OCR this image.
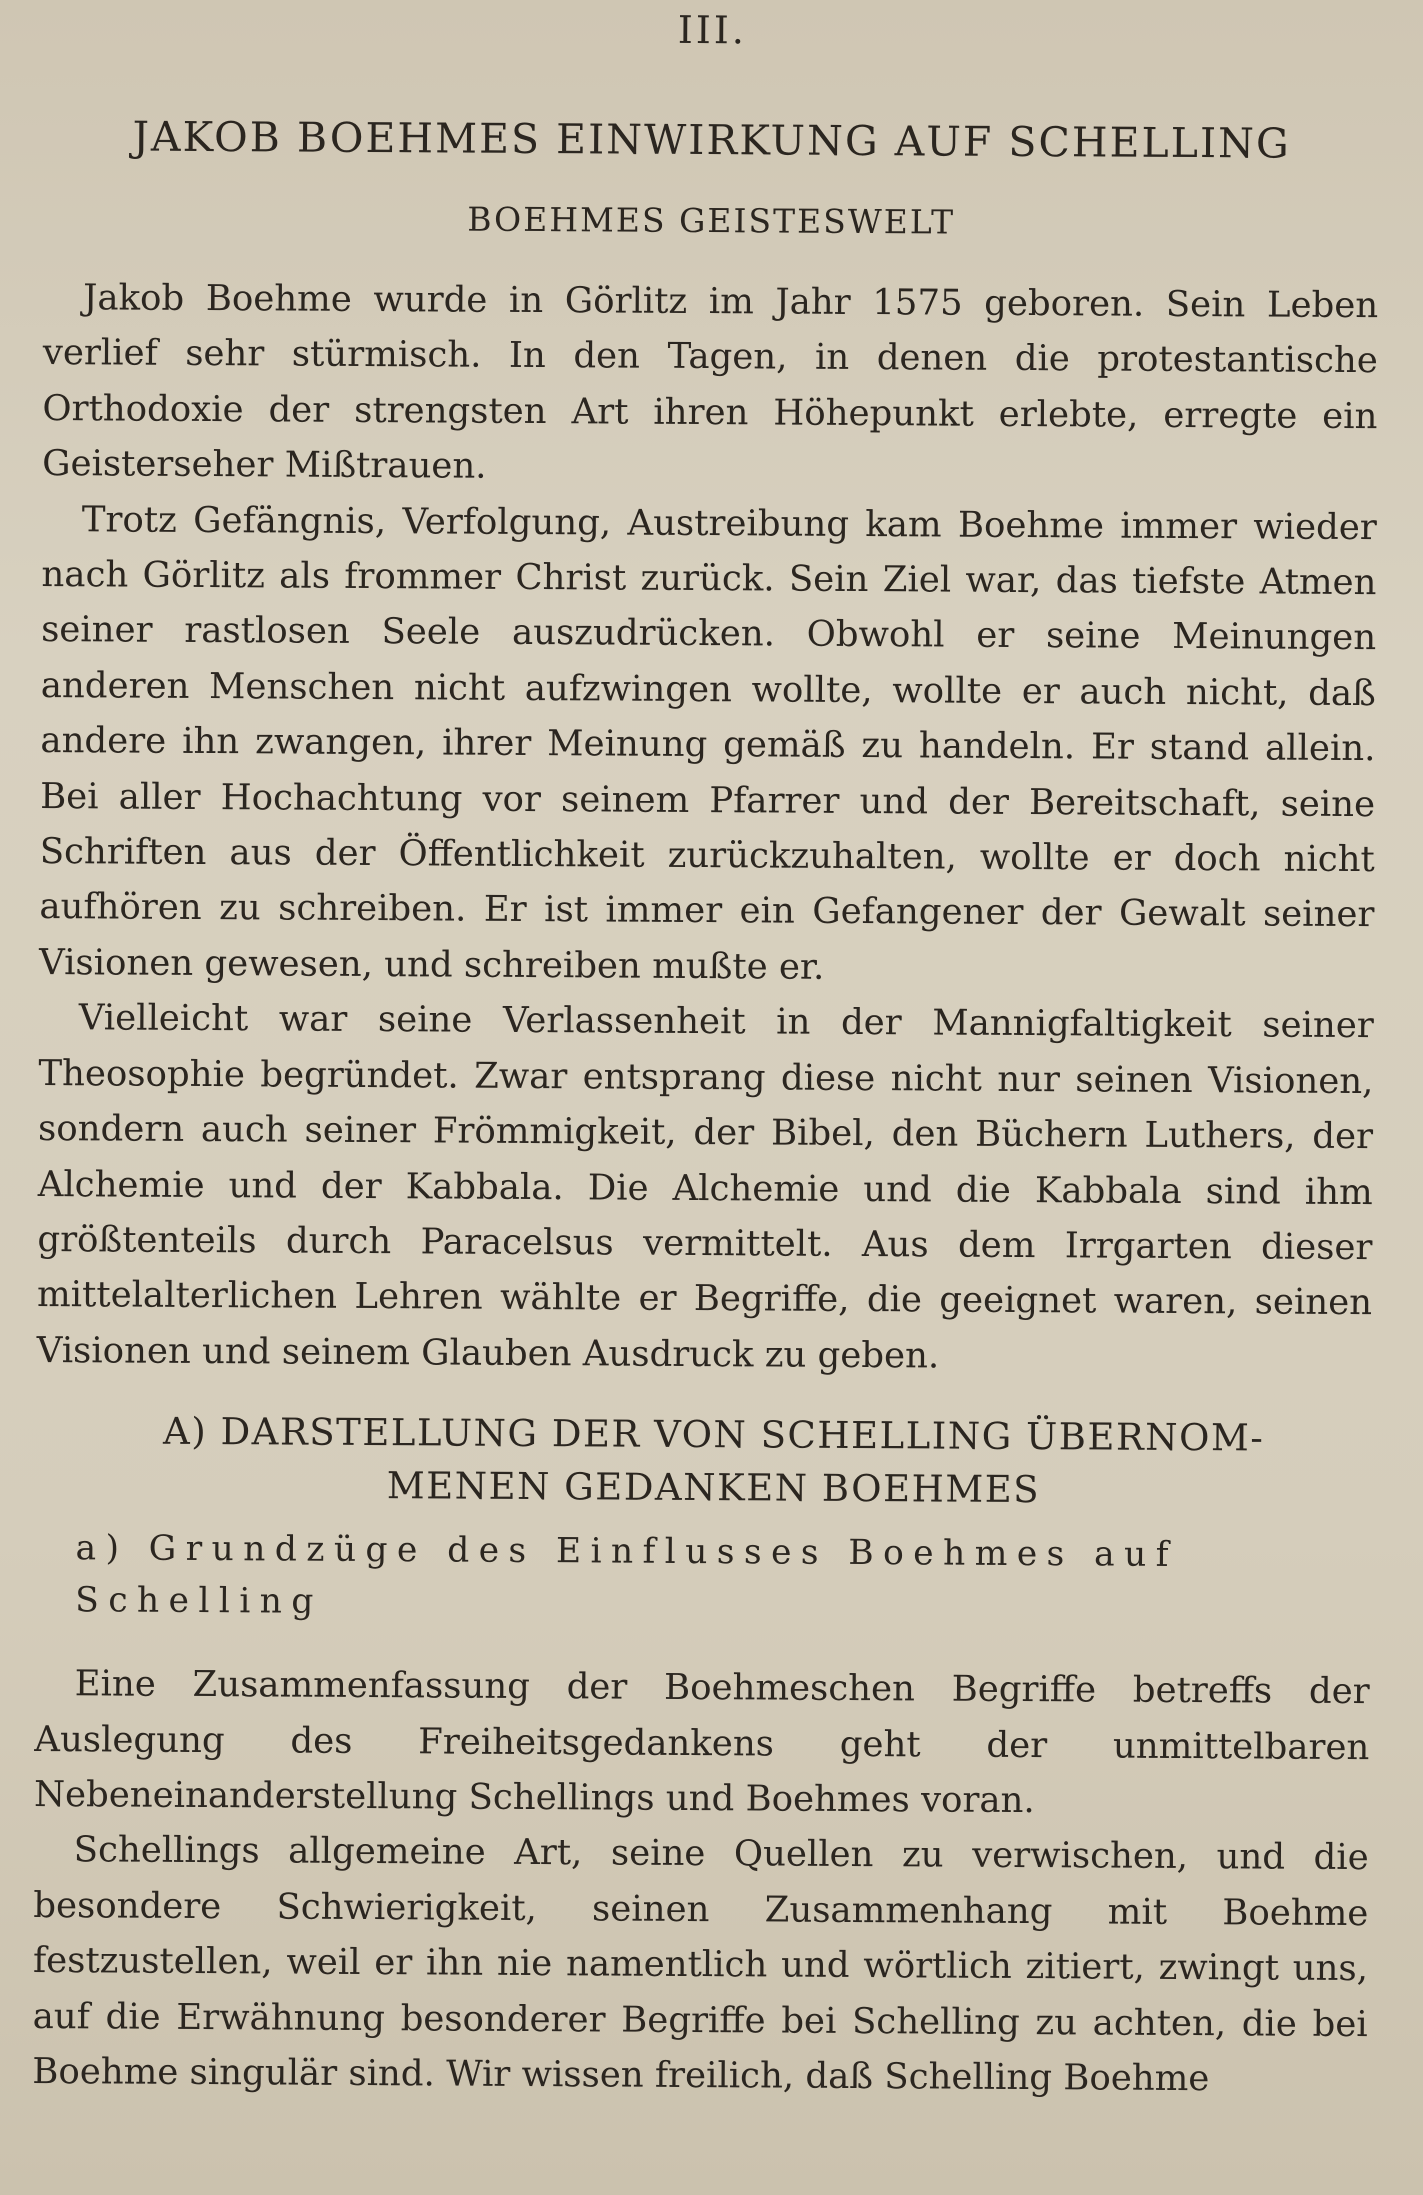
III.
JAKOB BOEHMES EINWIRKUNG AUF SCHELLING
BOEHMES GEISTESWELT

Jakob Boehme wurde in Görlitz im Jahr 1575 geboren. Sein Leben verlief sehr stürmisch. In den Tagen, in denen die protestantische Orthodoxie der strengsten Art ihren Höhepunkt erlebte, erregte ein Geisterseher Mißtrauen.

Trotz Gefängnis, Verfolgung, Austreibung kam Boehme immer wieder nach Görlitz als frommer Christ zurück. Sein Ziel war, das tiefste Atmen seiner rastlosen Seele auszudrücken. Obwohl er seine Meinungen anderen Menschen nicht aufzwingen wollte, wollte er auch nicht, daß andere ihn zwangen, ihrer Meinung gemäß zu handeln. Er stand allein. Bei aller Hochachtung vor seinem Pfarrer und der Bereitschaft, seine Schriften aus der Öffentlichkeit zurückzuhalten, wollte er doch nicht aufhören zu schreiben. Er ist immer ein Gefangener der Gewalt seiner Visionen gewesen, und schreiben mußte er.

Vielleicht war seine Verlassenheit in der Mannigfaltigkeit seiner Theosophie begründet. Zwar entsprang diese nicht nur seinen Visionen, sondern auch seiner Frömmigkeit, der Bibel, den Büchern Luthers, der Alchemie und der Kabbala. Die Alchemie und die Kabbala sind ihm größtenteils durch Paracelsus vermittelt. Aus dem Irrgarten dieser mittelalterlichen Lehren wählte er Begriffe, die geeignet waren, seinen Visionen und seinem Glauben Ausdruck zu geben.

A) DARSTELLUNG DER VON SCHELLING ÜBERNOM-
MENEN GEDANKEN BOEHMES
a) Grundzüge des Einflusses Boehmes auf
Schelling

Eine Zusammenfassung der Boehmeschen Begriffe betreffs der Auslegung des Freiheitsgedankens geht der unmittelbaren Nebeneinanderstellung Schellings und Boehmes voran.

Schellings allgemeine Art, seine Quellen zu verwischen, und die besondere Schwierigkeit, seinen Zusammenhang mit Boehme festzustellen, weil er ihn nie namentlich und wörtlich zitiert, zwingt uns, auf die Erwähnung besonderer Begriffe bei Schelling zu achten, die bei Boehme singulär sind. Wir wissen freilich, daß Schelling Boehme
